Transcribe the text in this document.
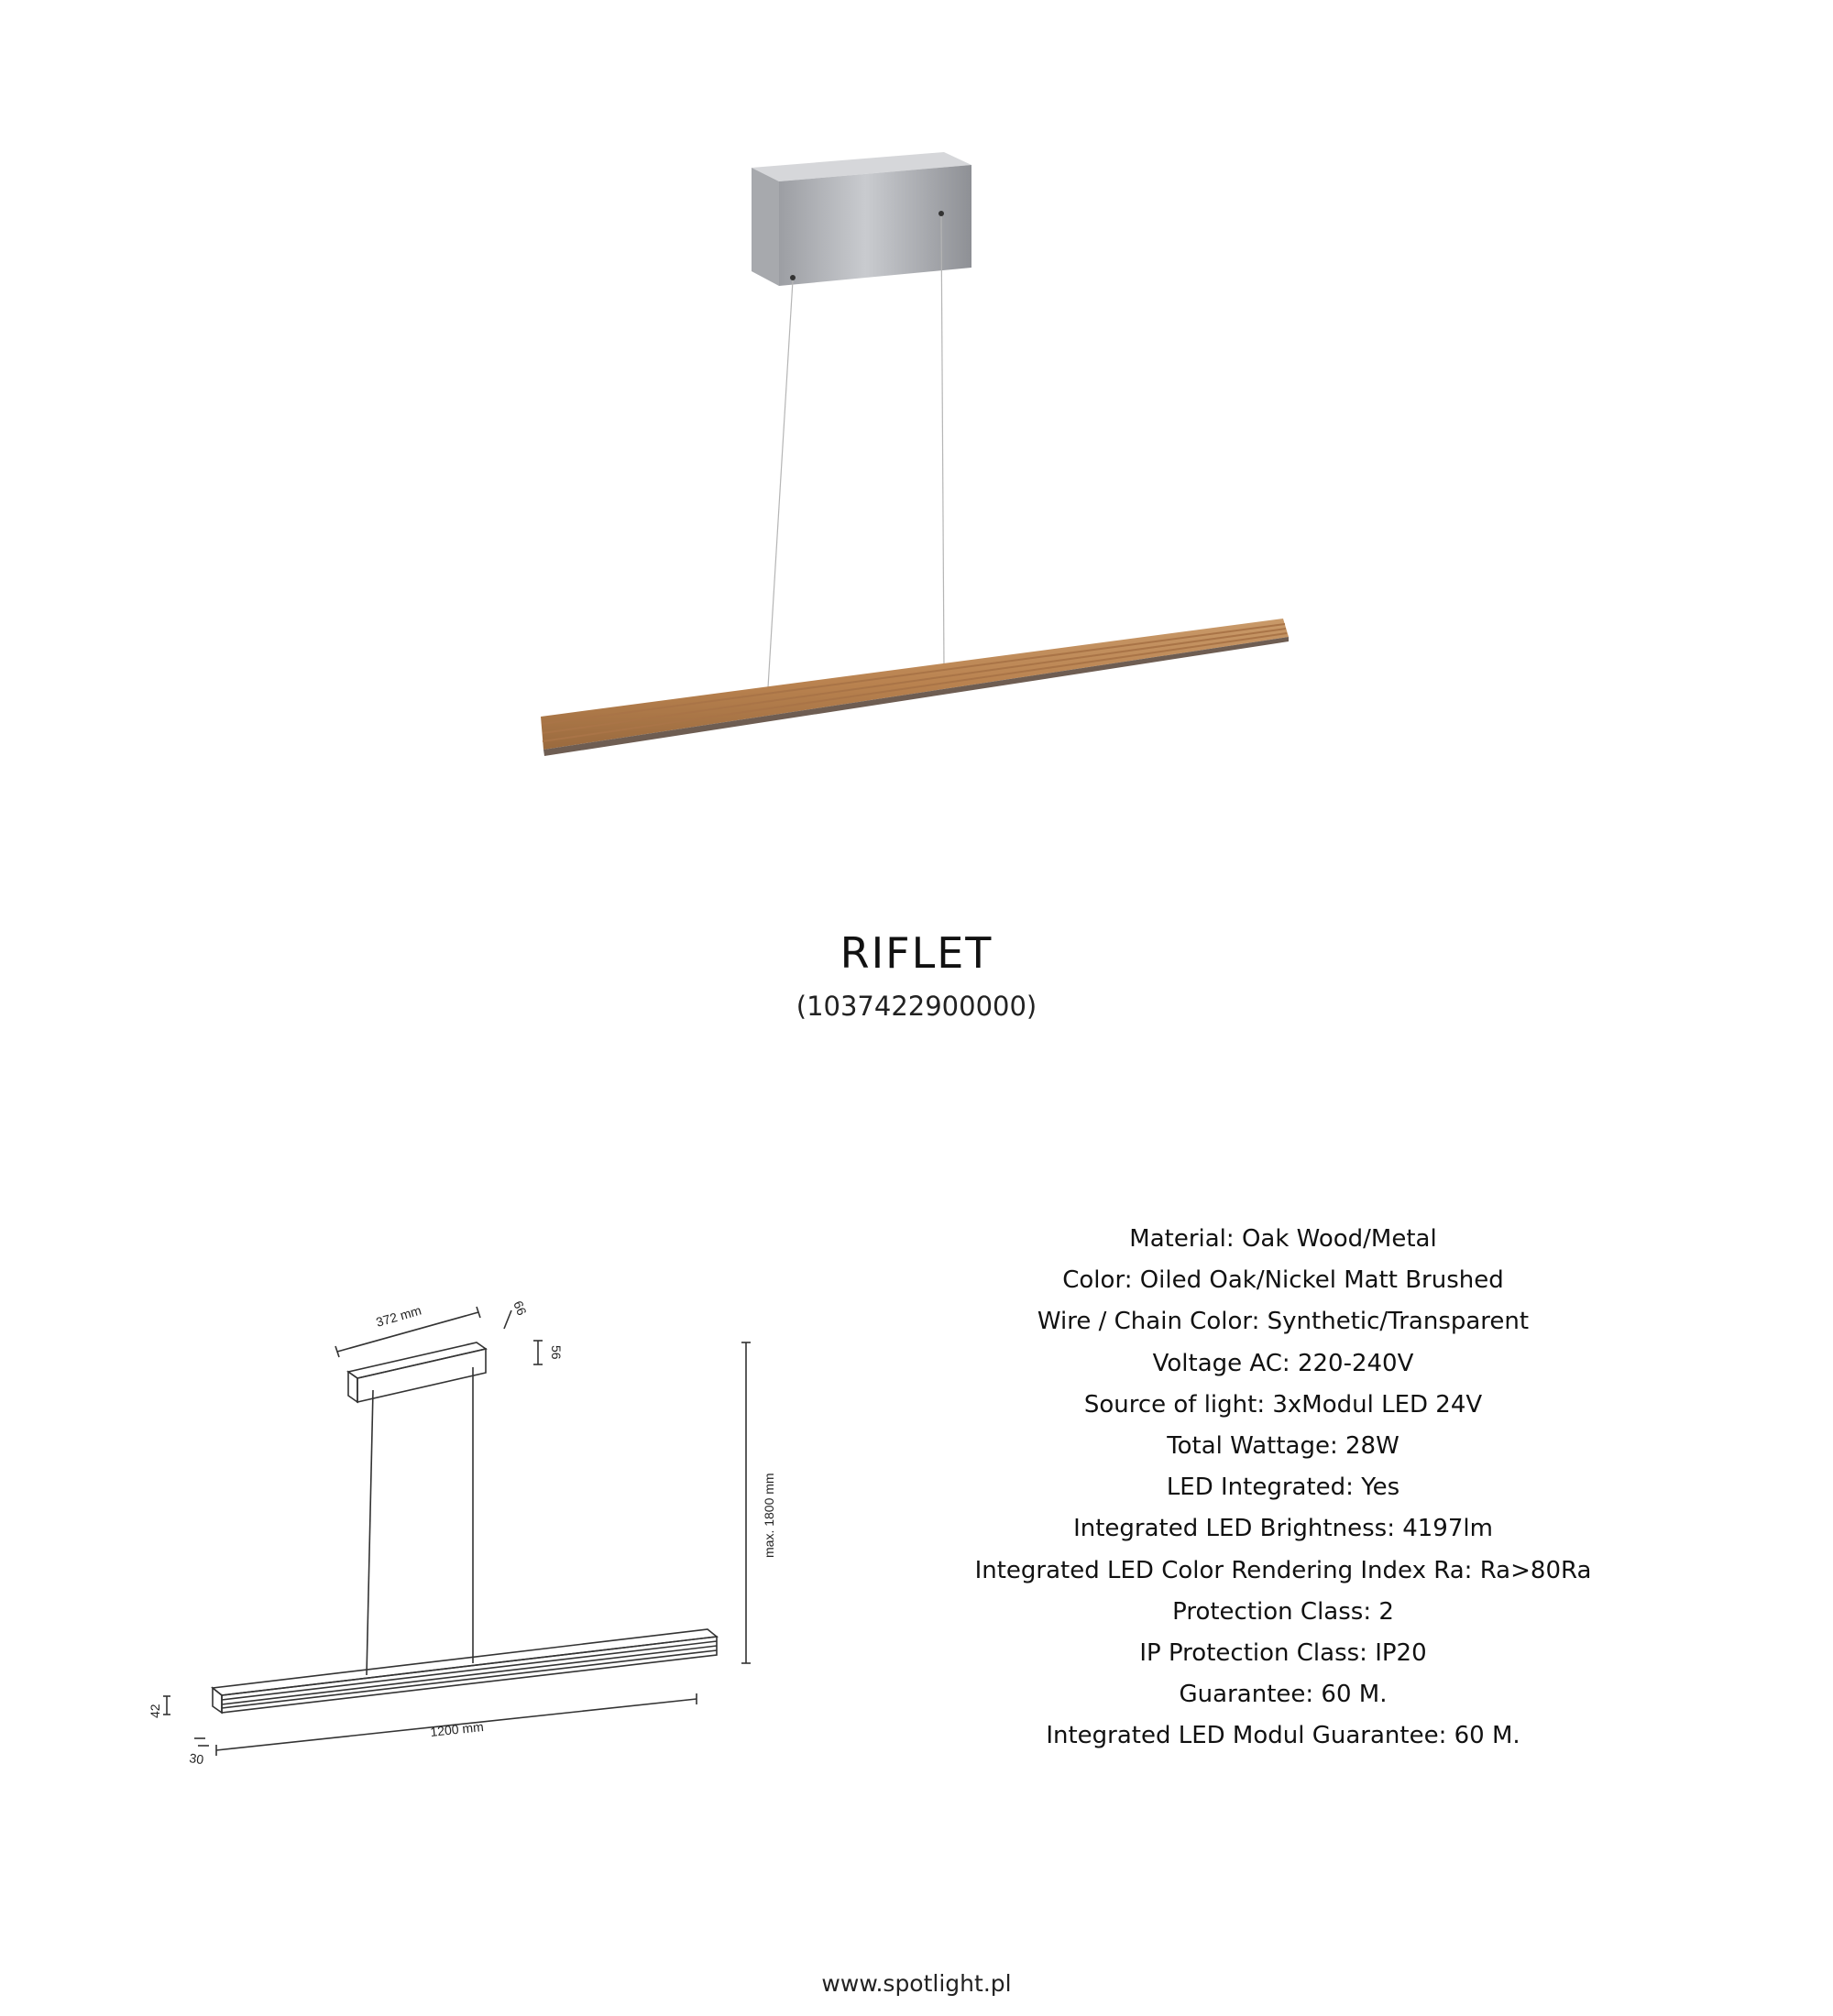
RIFLET
(1037422900000)
372 mm	66
56
max. 1800 mm
42
1200 mm
30
Material: Oak Wood/Metal
Color: Oiled Oak/Nickel Matt Brushed
Wire / Chain Color: Synthetic/Transparent
Voltage AC: 220-240V
Source of light: 3xModul LED 24V
Total Wattage: 28W
LED Integrated: Yes
Integrated LED Brightness: 4197lm
Integrated LED Color Rendering Index Ra: Ra>80Ra
Protection Class: 2
IP Protection Class: IP20
Guarantee: 60 M.
Integrated LED Modul Guarantee: 60 M.
www.spotlight.pl
